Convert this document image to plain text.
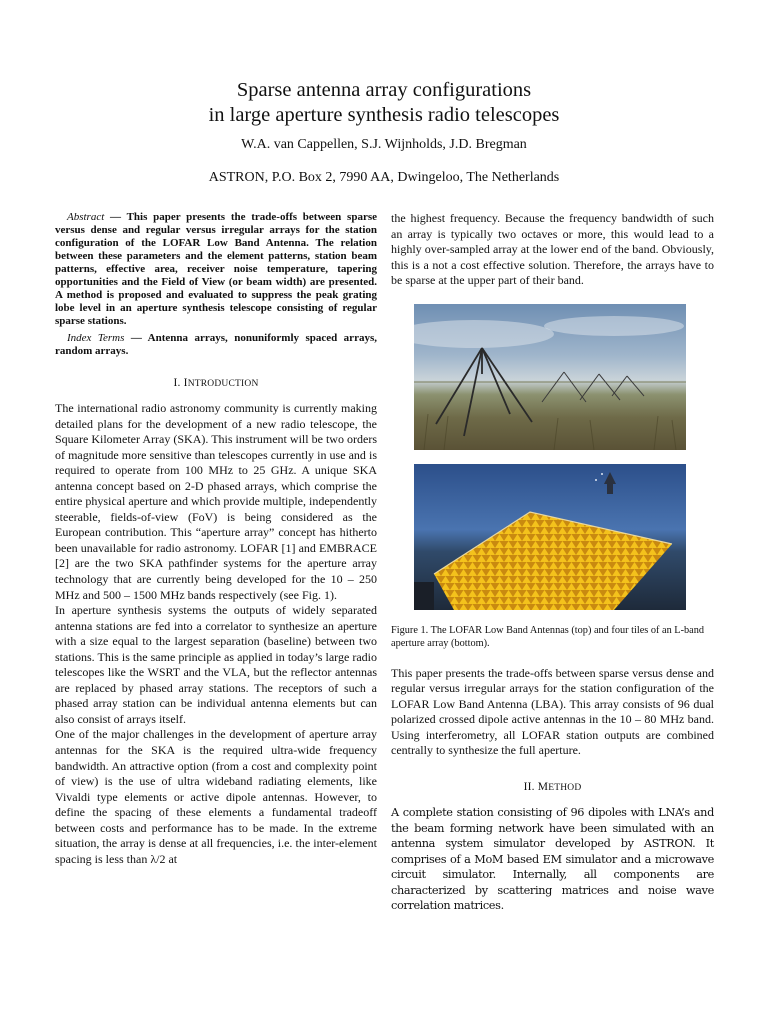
Sparse antenna array configurations
in large aperture synthesis radio telescopes
W.A. van Cappellen, S.J. Wijnholds, J.D. Bregman
ASTRON, P.O. Box 2, 7990 AA, Dwingeloo, The Netherlands

Abstract — This paper presents the trade-offs between sparse versus dense and regular versus irregular arrays for the station configuration of the LOFAR Low Band Antenna. The relation between these parameters and the element patterns, station beam patterns, effective area, receiver noise temperature, tapering opportunities and the Field of View (or beam width) are presented. A method is proposed and evaluated to suppress the peak grating lobe level in an aperture synthesis telescope consisting of regular sparse stations.

Index Terms — Antenna arrays, nonuniformly spaced arrays, random arrays.

I. INTRODUCTION

The international radio astronomy community is currently making detailed plans for the development of a new radio telescope, the Square Kilometer Array (SKA). This instrument will be two orders of magnitude more sensitive than telescopes currently in use and is required to operate from 100 MHz to 25 GHz. A unique SKA antenna concept based on 2-D phased arrays, which comprise the entire physical aperture and which provide multiple, independently steerable, fields-of-view (FoV) is being considered as the European contribution. This “aperture array” concept has hitherto been unavailable for radio astronomy. LOFAR [1] and EMBRACE [2] are the two SKA pathfinder systems for the aperture array technology that are currently being developed for the 10 – 250 MHz and 500 – 1500 MHz bands respectively (see Fig. 1).

In aperture synthesis systems the outputs of widely separated antenna stations are fed into a correlator to synthesize an aperture with a size equal to the largest separation (baseline) between two stations. This is the same principle as applied in today’s large radio telescopes like the WSRT and the VLA, but the reflector antennas are replaced by phased array stations. The receptors of such a phased array station can be individual antenna elements but can also consist of arrays itself.

One of the major challenges in the development of aperture array antennas for the SKA is the required ultra-wide frequency bandwidth. An attractive option (from a cost and complexity point of view) is the use of ultra wideband radiating elements, like Vivaldi type elements or active dipole antennas. However, to define the spacing of these elements a fundamental tradeoff between costs and performance has to be made. In the extreme situation, the array is dense at all frequencies, i.e. the inter-element spacing is less than λ/2 at

the highest frequency. Because the frequency bandwidth of such an array is typically two octaves or more, this would lead to a highly over-sampled array at the lower end of the band. Obviously, this is a not a cost effective solution. Therefore, the arrays have to be sparse at the upper part of their band.

Figure 1. The LOFAR Low Band Antennas (top) and four tiles of an L-band aperture array (bottom).

This paper presents the trade-offs between sparse versus dense and regular versus irregular arrays for the station configuration of the LOFAR Low Band Antenna (LBA). This array consists of 96 dual polarized crossed dipole active antennas in the 10 – 80 MHz band. Using interferometry, all LOFAR station outputs are combined centrally to synthesize the full aperture.

II. METHOD

A complete station consisting of 96 dipoles with LNA’s and the beam forming network have been simulated with an antenna system simulator developed by ASTRON. It comprises of a MoM based EM simulator and a microwave circuit simulator. Internally, all components are characterized by scattering matrices and noise wave correlation matrices.
